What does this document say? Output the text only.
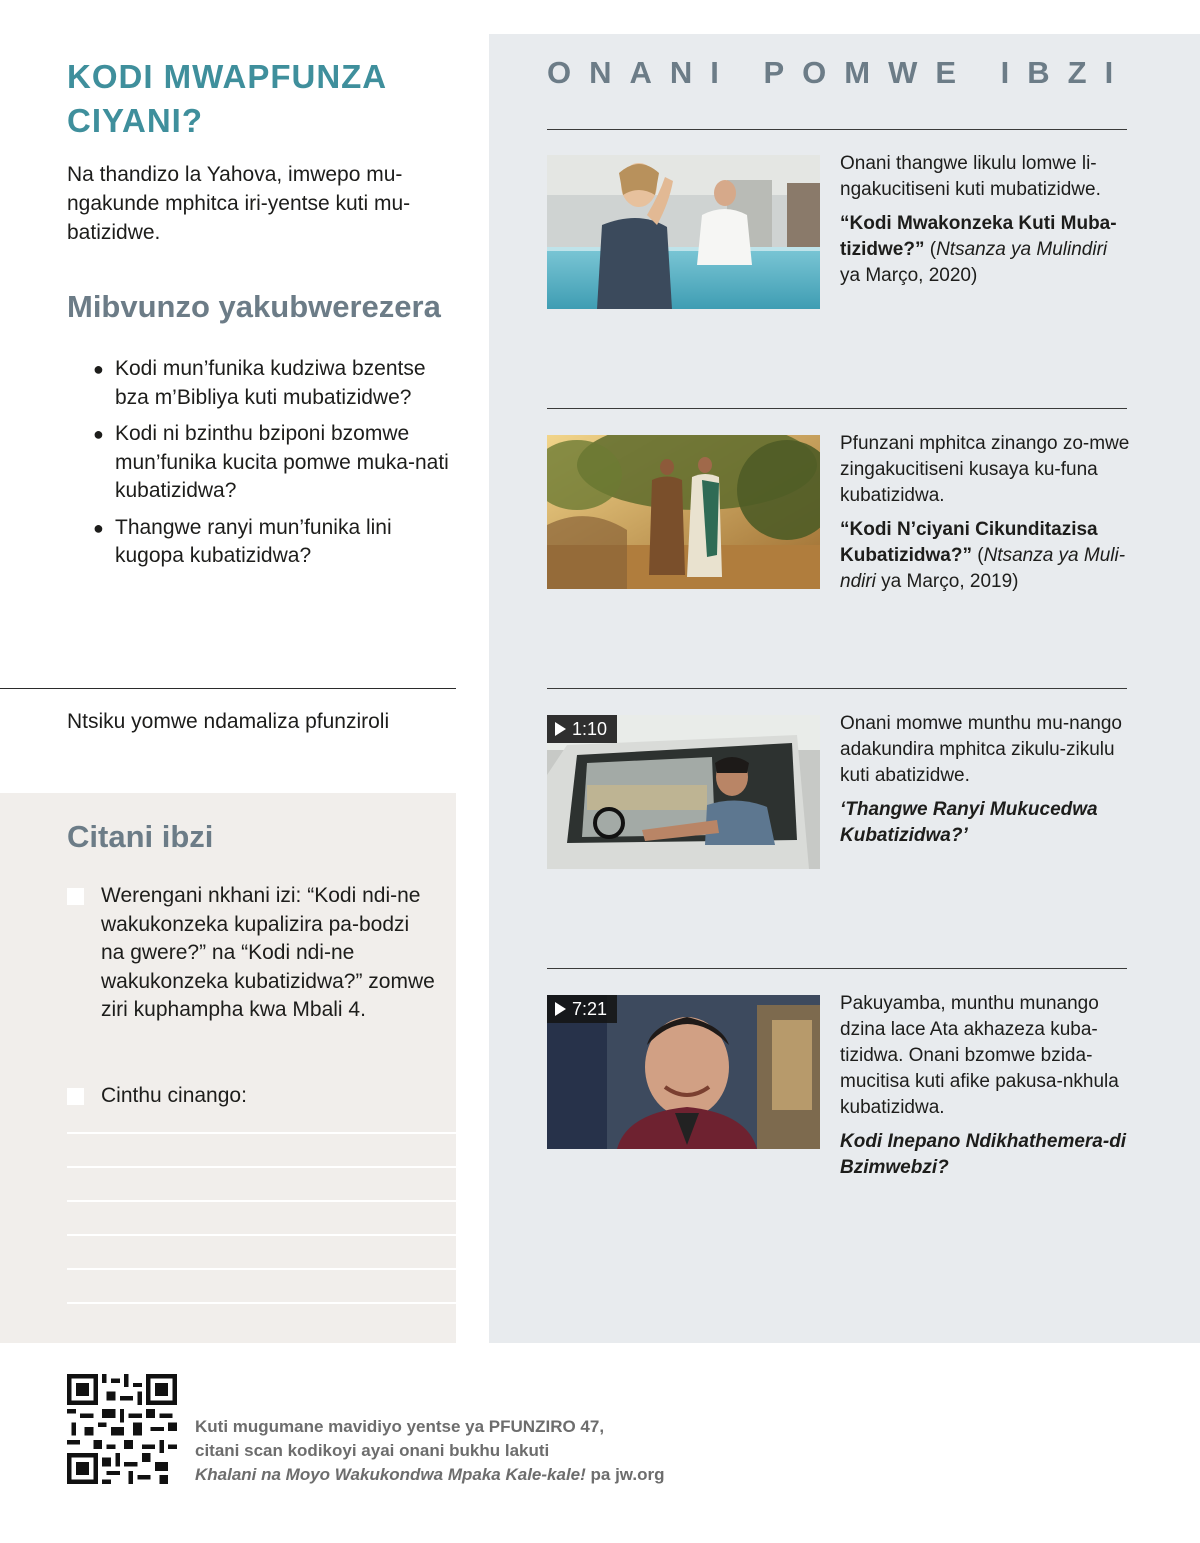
KODI MWAPFUNZA CIYANI?

Na thandizo la Yahova, imwepo mu-ngakunde mphitca iri-yentse kuti mu-batizidwe.

Mibvunzo yakubwerezera
● Kodi mun’funika kudziwa bzentse bza m’Bibliya kuti mubatizidwe?
● Kodi ni bzinthu bziponi bzomwe mun’funika kucita pomwe muka-nati kubatizidwa?
● Thangwe ranyi mun’funika lini kugopa kubatizidwa?
Ntsiku yomwe ndamaliza pfunziroli
Citani ibzi
Werengani nkhani izi: “Kodi ndi-ne wakukonzeka kupalizira pa-bodzi na gwere?” na “Kodi ndi-ne wakukonzeka kubatizidwa?” zomwe ziri kuphampha kwa Mbali 4.
Cinthu cinango:
ONANI POMWE IBZI

Onani thangwe likulu lomwe li-ngakucitiseni kuti mubatizidwe.

“Kodi Mwakonzeka Kuti Muba-tizidwe?” (Ntsanza ya Mulindiri ya Março, 2020)

Pfunzani mphitca zinango zo-mwe zingakucitiseni kusaya ku-funa kubatizidwa.

“Kodi N’ciyani Cikunditazisa Kubatizidwa?” (Ntsanza ya Muli-ndiri ya Março, 2019)

1:10	Onani momwe munthu mu-nango adakundira mphitca zikulu-zikulu kuti abatizidwe.

‘Thangwe Ranyi Mukucedwa Kubatizidwa?’

7:21	Pakuyamba, munthu munango dzina lace Ata akhazeza kuba-tizidwa. Onani bzomwe bzida-mucitisa kuti afike pakusa-nkhula kubatizidwa.

Kodi Inepano Ndikhathemera-di Bzimwebzi?

Kuti mugumane mavidiyo yentse ya PFUNZIRO 47,
citani scan kodikoyi ayai onani bukhu lakuti
Khalani na Moyo Wakukondwa Mpaka Kale-kale! pa jw.org
